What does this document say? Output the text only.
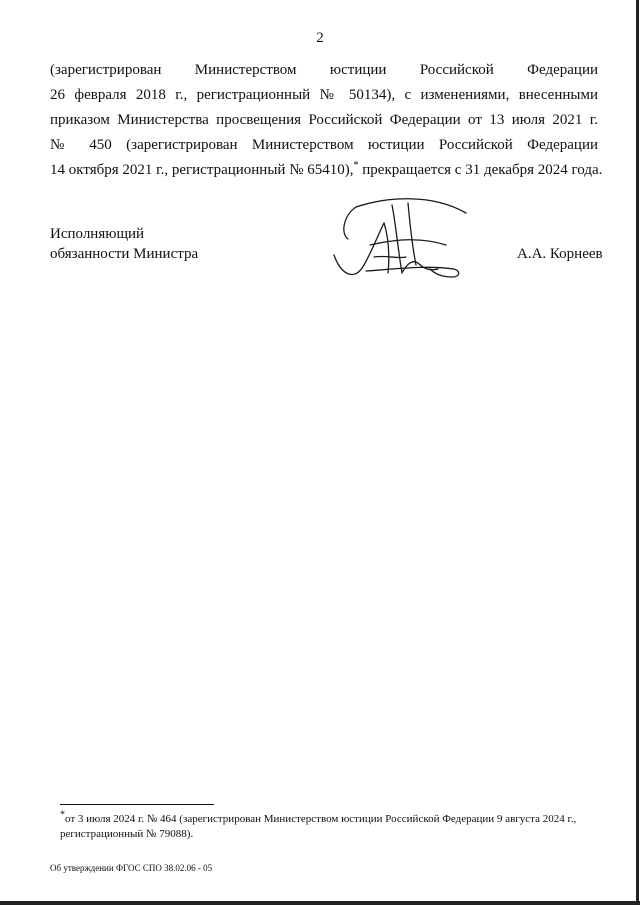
2
(зарегистрирован Министерством юстиции Российской Федерации
26 февраля 2018 г., регистрационный № 50134), с изменениями, внесенными
приказом Министерства просвещения Российской Федерации от 13 июля 2021 г.
№ 450 (зарегистрирован Министерством юстиции Российской Федерации
14 октября 2021 г., регистрационный № 65410),* прекращается с 31 декабря 2024 года.
Исполняющий
обязанности Министра	А.А. Корнеев
*от 3 июля 2024 г. № 464 (зарегистрирован Министерством юстиции Российской Федерации 9 августа 2024 г., регистрационный № 79088).
Об утверждении ФГОС СПО 38.02.06 - 05
